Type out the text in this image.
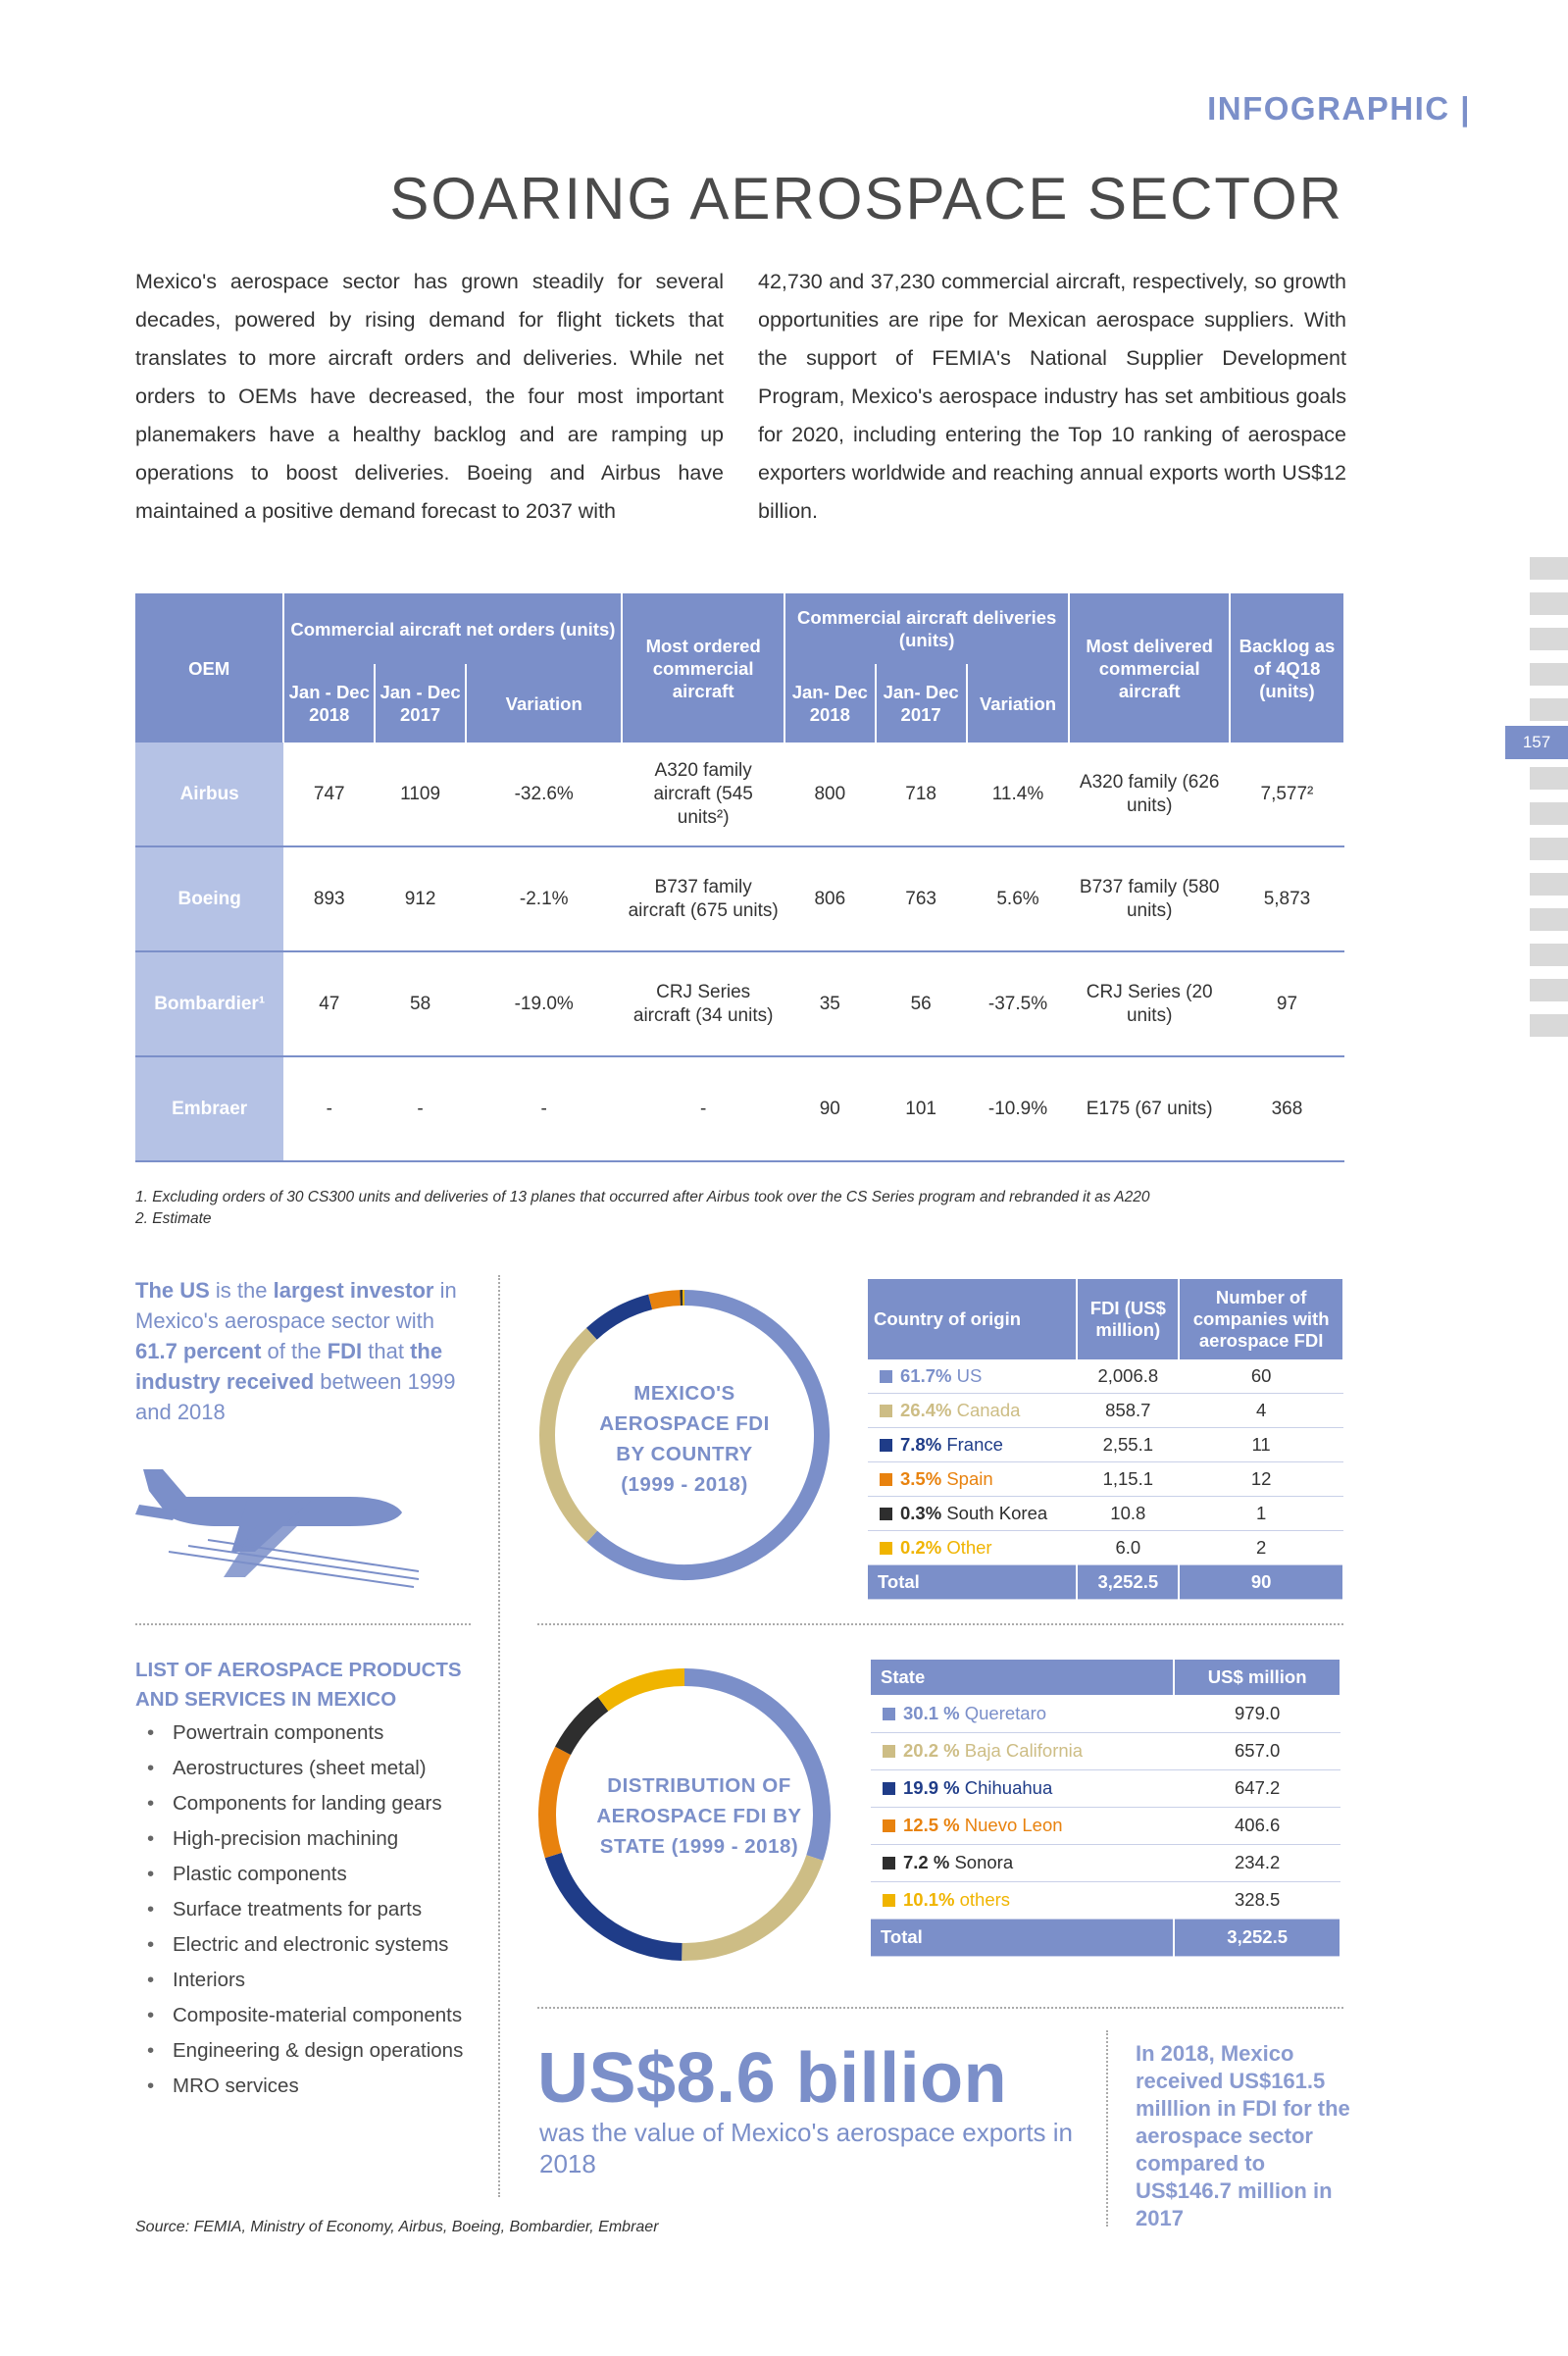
INFOGRAPHIC |
SOARING AEROSPACE SECTOR
Mexico's aerospace sector has grown steadily for several decades, powered by rising demand for flight tickets that translates to more aircraft orders and deliveries. While net orders to OEMs have decreased, the four most important planemakers have a healthy backlog and are ramping up operations to boost deliveries. Boeing and Airbus have maintained a positive demand forecast to 2037 with
42,730 and 37,230 commercial aircraft, respectively, so growth opportunities are ripe for Mexican aerospace suppliers. With the support of FEMIA's National Supplier Development Program, Mexico's aerospace industry has set ambitious goals for 2020, including entering the Top 10 ranking of aerospace exporters worldwide and reaching annual exports worth US$12 billion.
157
OEM	Commercial aircraft net orders (units)			Most ordered commercial aircraft	Commercial aircraft deliveries (units)			Most delivered commercial aircraft	Backlog as of 4Q18 (units)
	Jan - Dec 2018	Jan - Dec 2017	Variation		Jan- Dec 2018	Jan- Dec 2017	Variation		
Airbus	747	1109	-32.6%	A320 family aircraft (545 units²)	800	718	11.4%	A320 family (626 units)	7,577²
Boeing	893	912	-2.1%	B737 family aircraft (675 units)	806	763	5.6%	B737 family (580 units)	5,873
Bombardier¹	47	58	-19.0%	CRJ Series aircraft (34 units)	35	56	-37.5%	CRJ Series (20 units)	97
Embraer	-	-	-	-	90	101	-10.9%	E175 (67 units)	368
1. Excluding orders of 30 CS300 units and deliveries of 13 planes that occurred after Airbus took over the CS Series program and rebranded it as A220
2. Estimate
The US is the largest investor in Mexico's aerospace sector with 61.7 percent of the FDI that the industry received between 1999 and 2018
MEXICO'S
AEROSPACE FDI
BY COUNTRY
(1999 - 2018)
Country of origin	FDI (US$ million)	Number of companies with aerospace FDI
61.7% US	2,006.8	60
26.4% Canada	858.7	4
7.8% France	2,55.1	11
3.5% Spain	1,15.1	12
0.3% South Korea	10.8	1
0.2% Other	6.0	2
Total	3,252.5	90
LIST OF AEROSPACE PRODUCTS AND SERVICES IN MEXICO
• Powertrain components
• Aerostructures (sheet metal)
• Components for landing gears
• High-precision machining
• Plastic components
• Surface treatments for parts
• Electric and electronic systems
• Interiors
• Composite-material components
• Engineering & design operations
• MRO services
DISTRIBUTION OF
AEROSPACE FDI BY
STATE (1999 - 2018)
State	US$ million
30.1 % Queretaro	979.0
20.2 % Baja California	657.0
19.9 % Chihuahua	647.2
12.5 % Nuevo Leon	406.6
7.2 % Sonora	234.2
10.1% others	328.5
Total	3,252.5
US$8.6 billion
was the value of Mexico's aerospace exports in 2018
In 2018, Mexico received US$161.5 milllion in FDI for the aerospace sector compared to US$146.7 million in 2017
Source: FEMIA, Ministry of Economy, Airbus, Boeing, Bombardier, Embraer
